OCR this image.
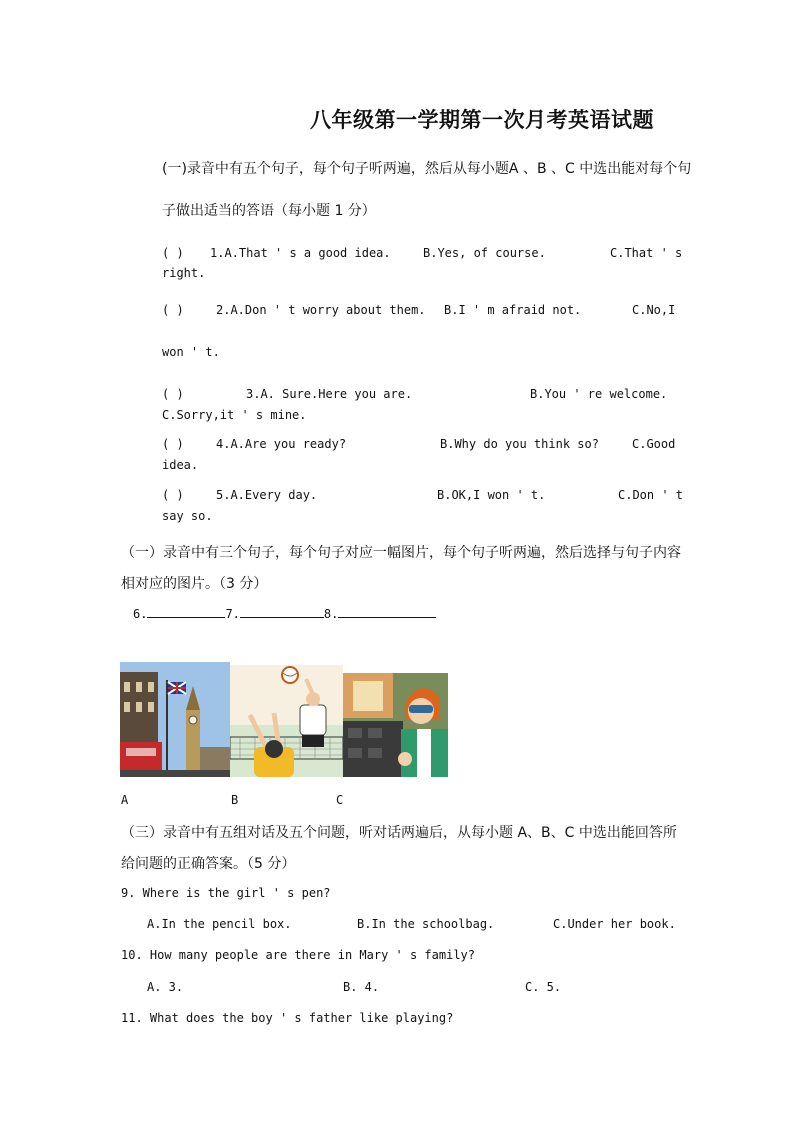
八年级第一学期第一次月考英语试题
(一)录音中有五个句子，每个句子听两遍，然后从每小题A 、B 、C 中选出能对每个句
子做出适当的答语（每小题 1 分）
( ) 1.A.That ' s a good idea.	B.Yes, of course.	C.That ' s
right.
( )	2.A.Don ' t worry about them. B.I ' m afraid not.	C.No,I
won ' t.
( )	3.A. Sure.Here you are.	B.You ' re welcome.
C.Sorry,it ' s mine.
( )	4.A.Are you ready?	B.Why do you think so?	C.Good
idea.
( )	5.A.Every day.	B.OK,I won ' t.	C.Don ' t
say so.
（一）录音中有三个句子，每个句子对应一幅图片，每个句子听两遍，然后选择与句子内容
相对应的图片。（3 分）
6.	7.	8.
A	B	C
（三）录音中有五组对话及五个问题，听对话两遍后，从每小题 A、B、C 中选出能回答所
给问题的正确答案。（5 分）
9. Where is the girl ' s pen?
A.In the pencil box.	B.In the schoolbag.	C.Under her book.
10. How many people are there in Mary ' s family?
A. 3.	B. 4.	C. 5.
11. What does the boy ' s father like playing?
